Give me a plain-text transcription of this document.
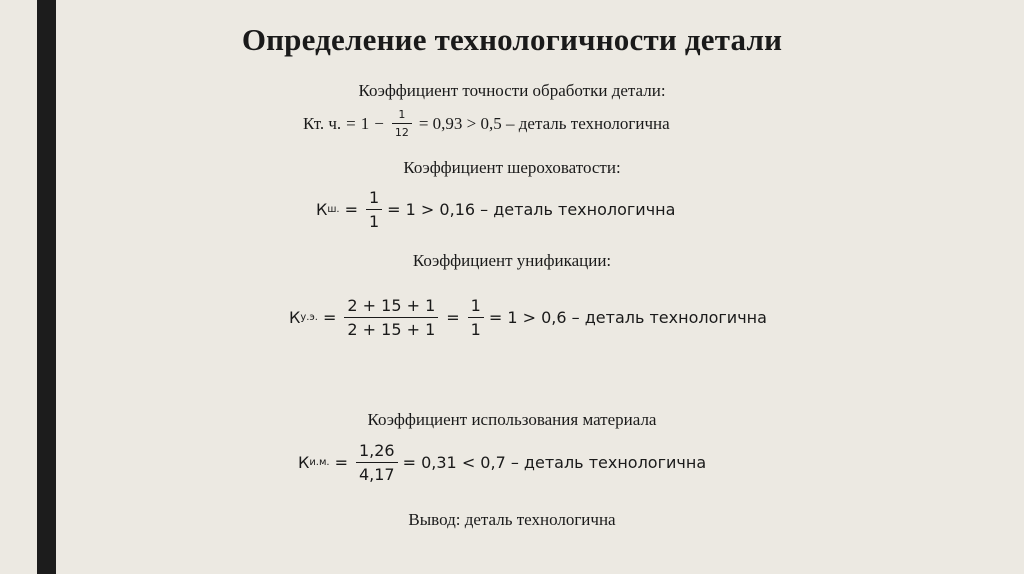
Определение технологичности детали
Коэффициент точности обработки детали:
Кт. ч. = $1 - \frac{1}{12} = 0,93 > 0,5$ – деталь технологична
Коэффициент шероховатости:
К ш. = $\frac{1}{1} = 1 > 0,16$ – деталь технологична
Коэффициент унификации:
К у.э. = $\frac{2 + 15 + 1}{2 + 15 + 1} = \frac{1}{1} = 1 > 0,6$ – деталь технологична
Коэффициент использования материала
К и.м. = $\frac{1,26}{4,17} = 0,31 < 0,7$ – деталь технологична
Вывод: деталь технологична
